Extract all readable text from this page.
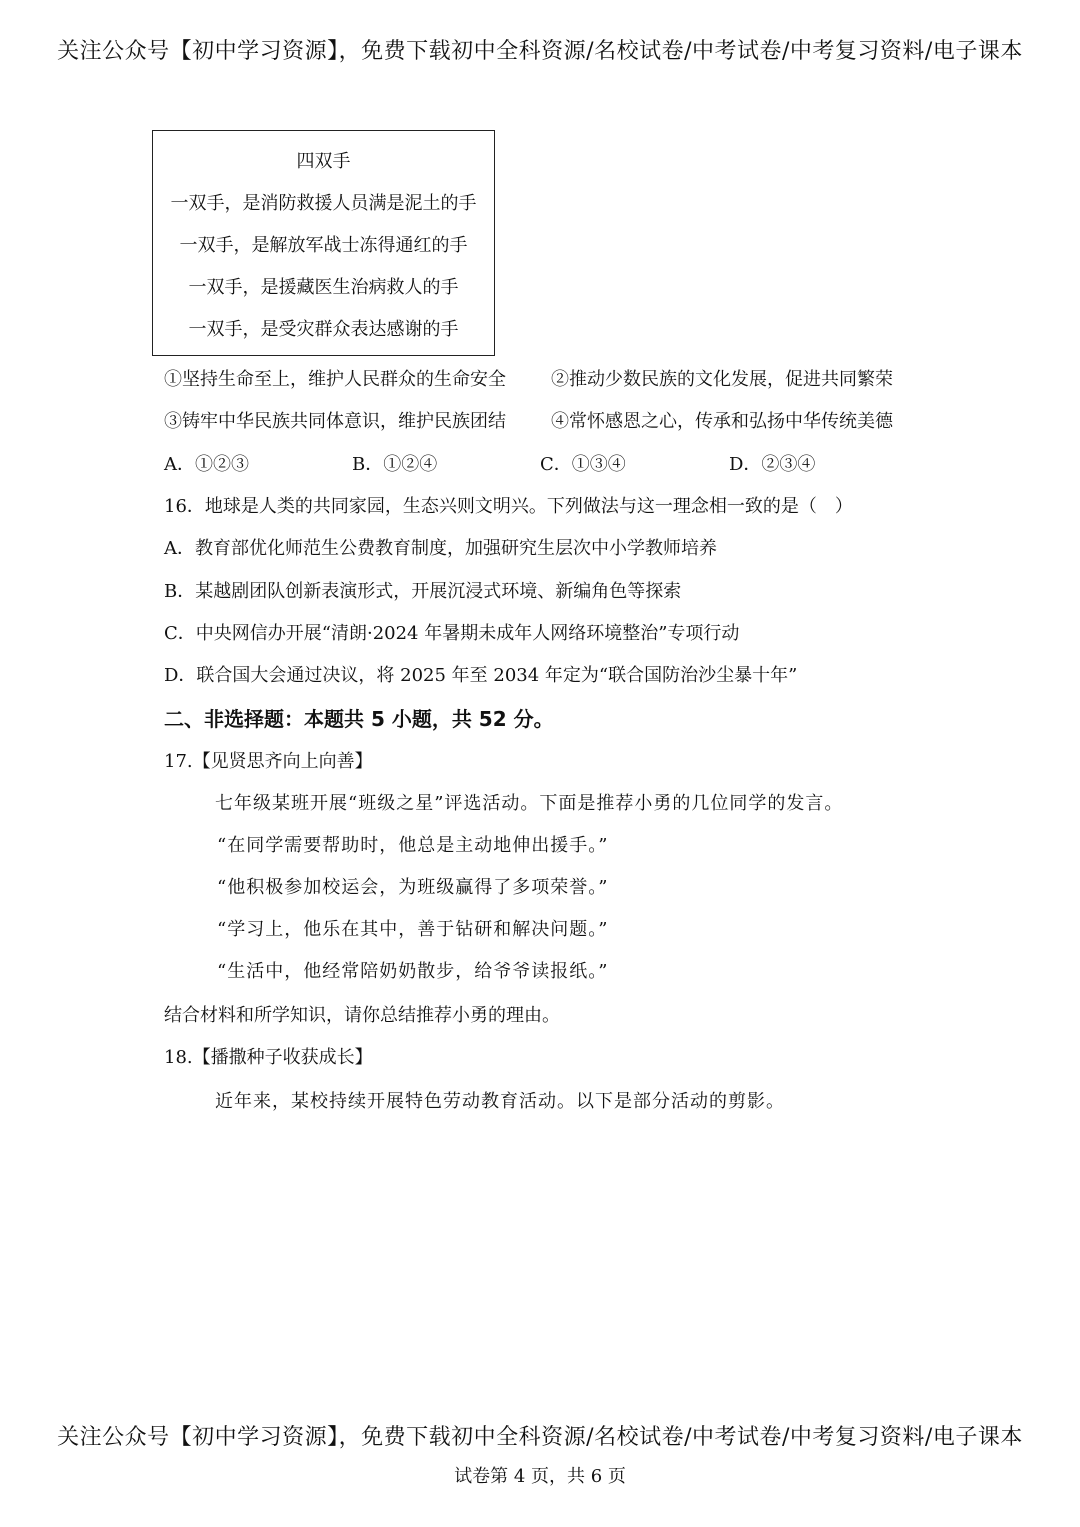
关注公众号【初中学习资源】，免费下载初中全科资源/名校试卷/中考试卷/中考复习资料/电子课本
四双手
一双手，是消防救援人员满是泥土的手
一双手，是解放军战士冻得通红的手
一双手，是援藏医生治病救人的手
一双手，是受灾群众表达感谢的手
①坚持生命至上，维护人民群众的生命安全	②推动少数民族的文化发展，促进共同繁荣
③铸牢中华民族共同体意识，维护民族团结	④常怀感恩之心，传承和弘扬中华传统美德
A．①②③	B．①②④	C．①③④	D．②③④
16．地球是人类的共同家园，生态兴则文明兴。下列做法与这一理念相一致的是（　）
A．教育部优化师范生公费教育制度，加强研究生层次中小学教师培养
B．某越剧团队创新表演形式，开展沉浸式环境、新编角色等探索
C．中央网信办开展“清朗·2024 年暑期未成年人网络环境整治”专项行动
D．联合国大会通过决议，将 2025 年至 2034 年定为“联合国防治沙尘暴十年”
二、非选择题：本题共 5 小题，共 52 分。
17.【见贤思齐向上向善】
七年级某班开展“班级之星”评选活动。下面是推荐小勇的几位同学的发言。
“在同学需要帮助时，他总是主动地伸出援手。”
“他积极参加校运会，为班级赢得了多项荣誉。”
“学习上，他乐在其中，善于钻研和解决问题。”
“生活中，他经常陪奶奶散步，给爷爷读报纸。”
结合材料和所学知识，请你总结推荐小勇的理由。
18.【播撒种子收获成长】
近年来，某校持续开展特色劳动教育活动。以下是部分活动的剪影。
关注公众号【初中学习资源】，免费下载初中全科资源/名校试卷/中考试卷/中考复习资料/电子课本
试卷第 4 页，共 6 页
